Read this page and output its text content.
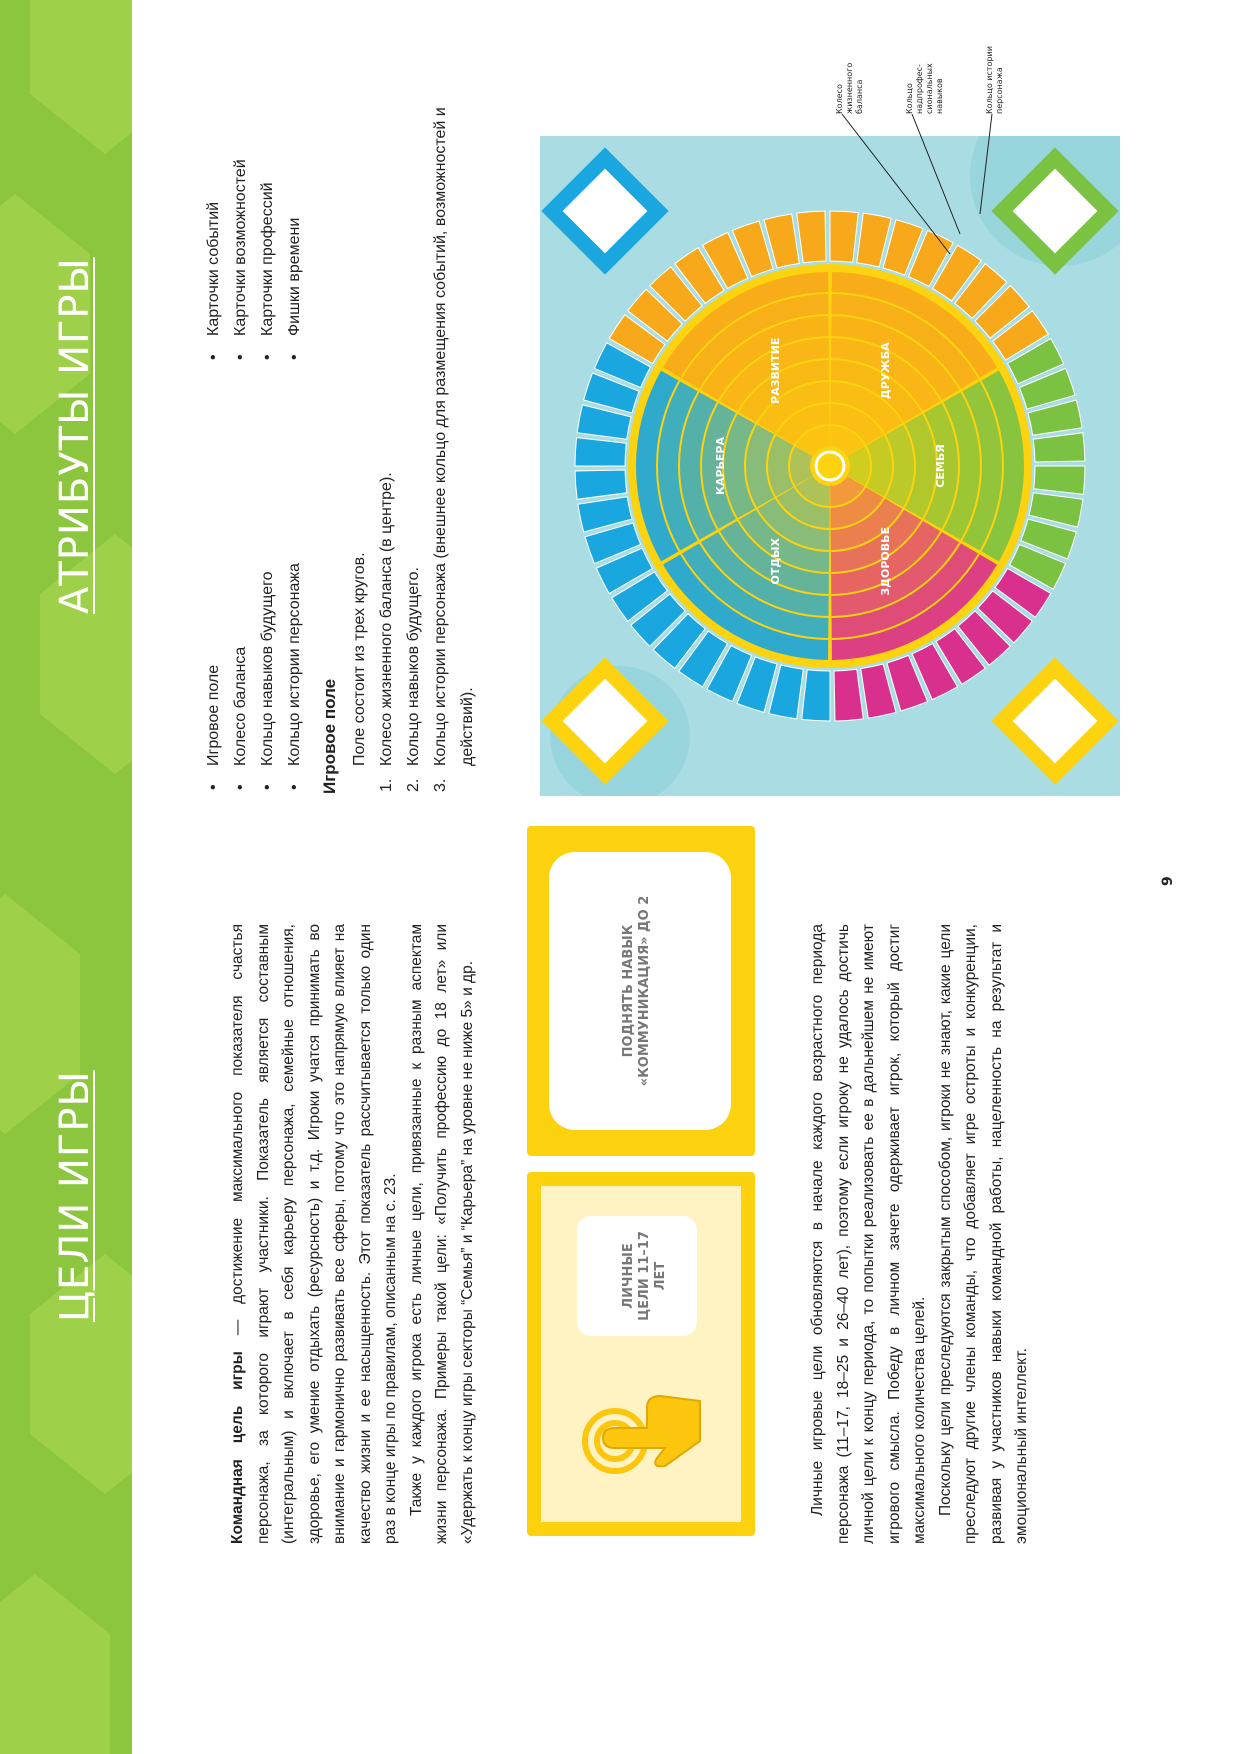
ЦЕЛИ ИГРЫ
АТРИБУТЫ ИГРЫ

Командная цель игры — достижение максимального показателя счастья персонажа, за которого играют участники. Показатель является составным (интегральным) и включает в себя карьеру персонажа, семейные отношения, здоровье, его умение отдыхать (ресурсность) и т.д. Игроки учатся принимать во внимание и гармонично развивать все сферы, потому что это напрямую влияет на качество жизни и ее насыщенность. Этот показатель рассчитывается только один раз в конце игры по правилам, описанным на с. 23. Также у каждого игрока есть личные цели, привязанные к разным аспектам жизни персонажа. Примеры такой цели: «Получить профессию до 18 лет» или «Удержать к концу игры секторы “Семья” и “Карьера” на уровне не ниже 5» и др.	ЛИЧНЫЕ ЦЕЛИ 11–17 ЛЕТ
ПОДНЯТЬ НАВЫК «КОММУНИКАЦИЯ» ДО 2	Личные игровые цели обновляются в начале каждого возрастного периода персонажа (11–17, 18–25 и 26–40 лет), поэтому если игроку не удалось достичь личной цели к концу периода, то попытки реализовать ее в дальнейшем не имеют игрового смысла. Победу в личном зачете одерживает игрок, который достиг максимального количества целей. Поскольку цели преследуются закрытым способом, игроки не знают, какие цели преследуют другие члены команды, что добавляет игре остроты и конкуренции, развивая у участников навыки командной работы, нацеленность на результат и эмоциональный интеллект.

• Игровое поле • Колесо баланса • Кольцо навыков будущего • Кольцо истории персонажа
• Карточки событий • Карточки возможностей • Карточки профессий • Фишки времени
Игровое поле Поле состоит из трех кругов.

1.
Колесо жизненного баланса (в центре).
2.
Кольцо навыков будущего.
3.
Кольцо истории персонажа (внешнее кольцо для размещения событий, возможностей и действий).
ДРУЖБА
СЕМЬЯ
ЗДОРОВЬЕ
ОТДЫХ
КАРЬЕРА
РАЗВИТИЕ
Колесо жизненного баланса	Кольцо надпрофес-сиональных навыков	Кольцо истории персонажа
9
